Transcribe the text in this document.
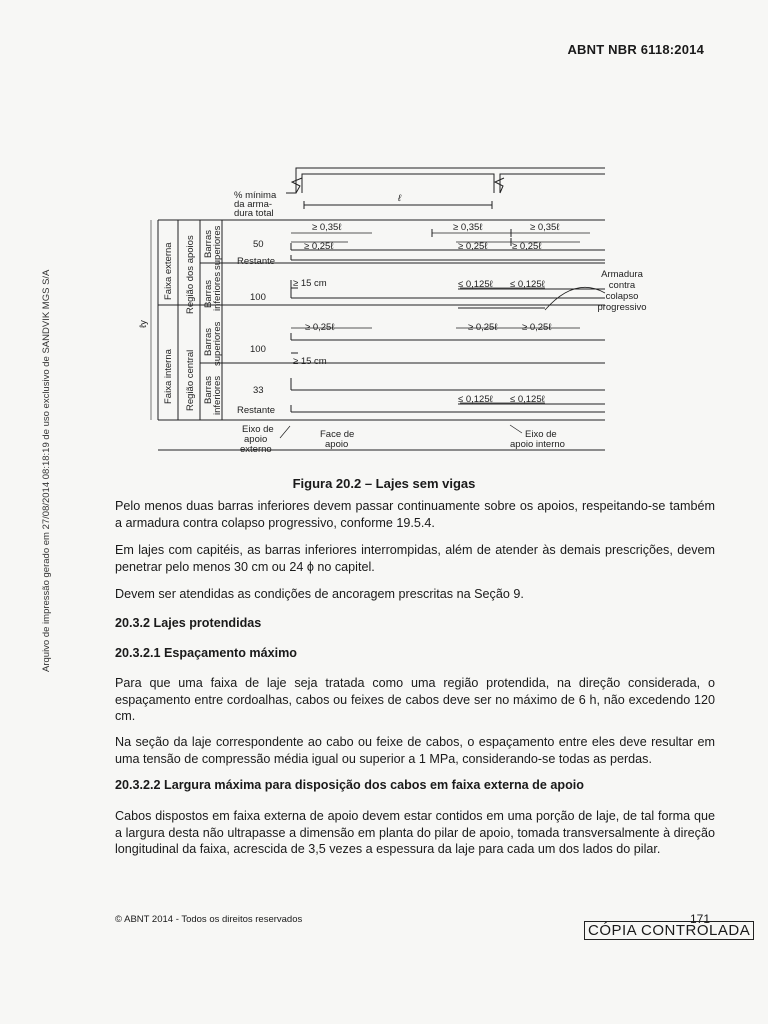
ABNT NBR 6118:2014
Arquivo de impressão gerado em 27/08/2014 08:18:19 de uso exclusivo de SANDVIK MGS S/A
% mínima
da arma-
dura total
ℓ
ℓy
Faixa externa
Faixa interna
Região dos apoios
Região central
Barras
superiores
Barras
inferiores
Barras
superiores
Barras
inferiores
50
Restante
100
100
33
Restante
≥ 0,35ℓ	≥ 0,35ℓ	≥ 0,35ℓ
≥ 0,25ℓ	≥ 0,25ℓ	≥ 0,25ℓ
≥ 0,25ℓ	≥ 0,25ℓ	≥ 0,25ℓ
≥ 15 cm
≥ 15 cm
≤ 0,125ℓ ≤ 0,125ℓ
≤ 0,125ℓ ≤ 0,125ℓ
Armadura
contra
colapso
progressivo
Eixo de
apoio
externo
Face de
apoio
Eixo de
apoio interno
Figura 20.2 – Lajes sem vigas
Pelo menos duas barras inferiores devem passar continuamente sobre os apoios, respeitando-se também a armadura contra colapso progressivo, conforme 19.5.4.
Em lajes com capitéis, as barras inferiores interrompidas, além de atender às demais prescrições, devem penetrar pelo menos 30 cm ou 24 ϕ no capitel.
Devem ser atendidas as condições de ancoragem prescritas na Seção 9.
20.3.2 Lajes protendidas
20.3.2.1 Espaçamento máximo
Para que uma faixa de laje seja tratada como uma região protendida, na direção considerada, o espaçamento entre cordoalhas, cabos ou feixes de cabos deve ser no máximo de 6 h, não excedendo 120 cm.
Na seção da laje correspondente ao cabo ou feixe de cabos, o espaçamento entre eles deve resultar em uma tensão de compressão média igual ou superior a 1 MPa, considerando-se todas as perdas.
20.3.2.2 Largura máxima para disposição dos cabos em faixa externa de apoio
Cabos dispostos em faixa externa de apoio devem estar contidos em uma porção de laje, de tal forma que a largura desta não ultrapasse a dimensão em planta do pilar de apoio, tomada transversalmente à direção longitudinal da faixa, acrescida de 3,5 vezes a espessura da laje para cada um dos lados do pilar.
© ABNT 2014 - Todos os direitos reservados	171
CÓPIA CONTROLADA
